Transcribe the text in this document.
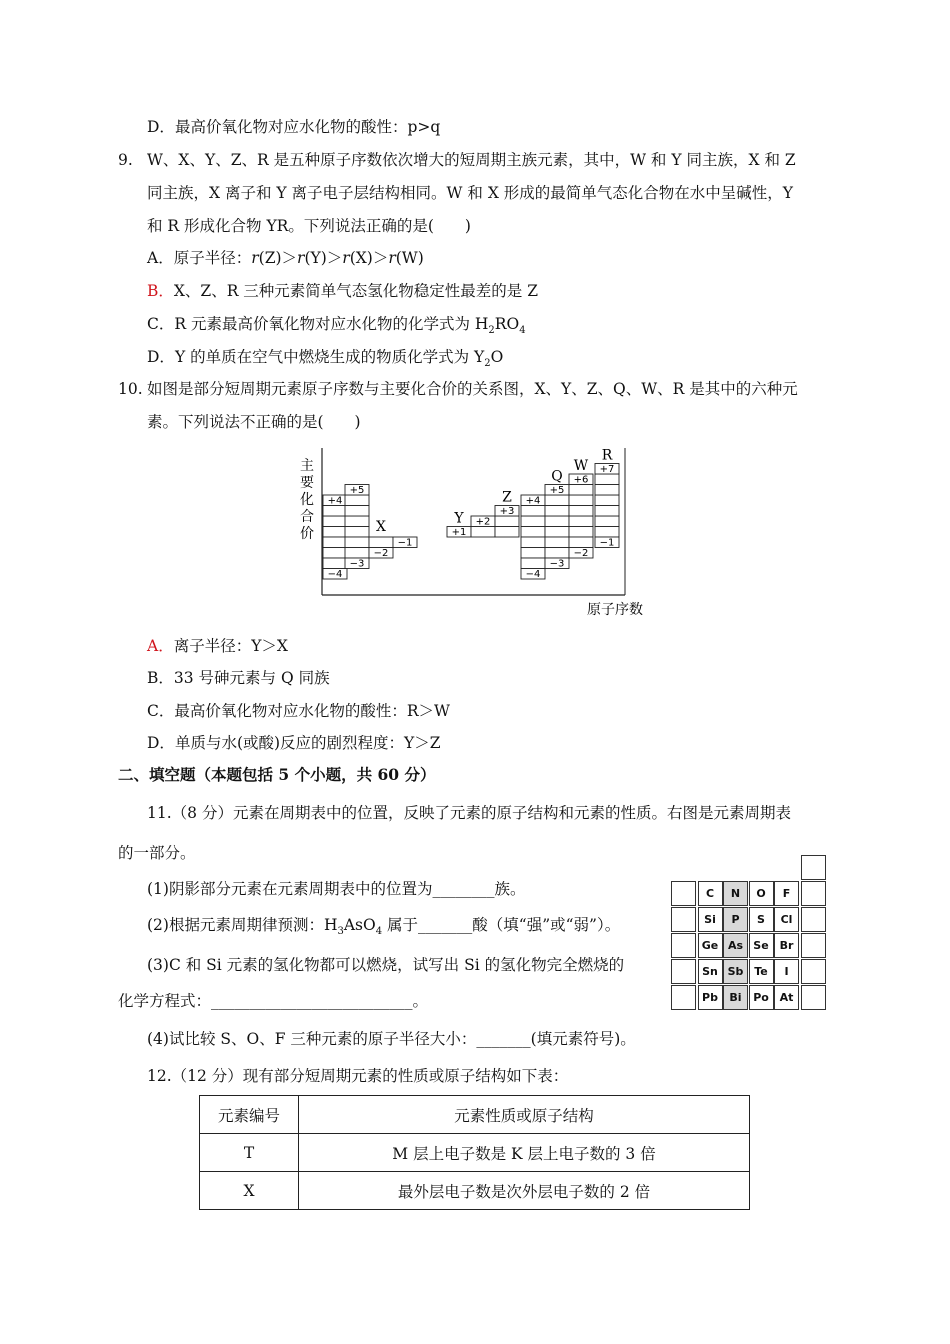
D．最高价氧化物对应水化物的酸性：p>q
9. W、X、Y、Z、R 是五种原子序数依次增大的短周期主族元素，其中，W 和 Y 同主族，X 和 Z
同主族，X 离子和 Y 离子电子层结构相同。W 和 X 形成的最简单气态化合物在水中呈碱性，Y
和 R 形成化合物 YR。下列说法正确的是(　　)
A．原子半径：r(Z)＞r(Y)＞r(X)＞r(W)
B．X、Z、R 三种元素简单气态氢化物稳定性最差的是 Z
C．R 元素最高价氧化物对应水化物的化学式为 $H_2RO_4$
D．Y 的单质在空气中燃烧生成的物质化学式为 $Y_2O$
10. 如图是部分短周期元素原子序数与主要化合价的关系图，X、Y、Z、Q、W、R 是其中的六种元
素。下列说法不正确的是(　　)
主
要
化
合
价
原子序数
+4
−4
+5
−3
−2
−1
+1
+2
+3
+4
−4
+5
−3
+6
−2
+7
−1
X
Y
Z
Q
W
R
A．离子半径：Y＞X
B．33 号砷元素与 Q 同族
C．最高价氧化物对应水化物的酸性：R＞W
D．单质与水(或酸)反应的剧烈程度：Y＞Z
二、填空题（本题包括 5 个小题，共 60 分）
11.（8 分）元素在周期表中的位置，反映了元素的原子结构和元素的性质。右图是元素周期表
的一部分。
(1)阴影部分元素在元素周期表中的位置为________族。
(2)根据元素周期律预测：$H_3AsO_4$ 属于_______酸（填“强”或“弱”）。
(3)C 和 Si 元素的氢化物都可以燃烧，试写出 Si 的氢化物完全燃烧的
化学方程式：__________________________。
(4)试比较 S、O、F 三种元素的原子半径大小：_______(填元素符号)。
C	N	O	F
Si	P	S	Cl
Ge As Se Br
Sn Sb Te	I
Pb	Bi	Po At
12.（12 分）现有部分短周期元素的性质或原子结构如下表：
元素编号	元素性质或原子结构
T	M 层上电子数是 K 层上电子数的 3 倍
X	最外层电子数是次外层电子数的 2 倍
